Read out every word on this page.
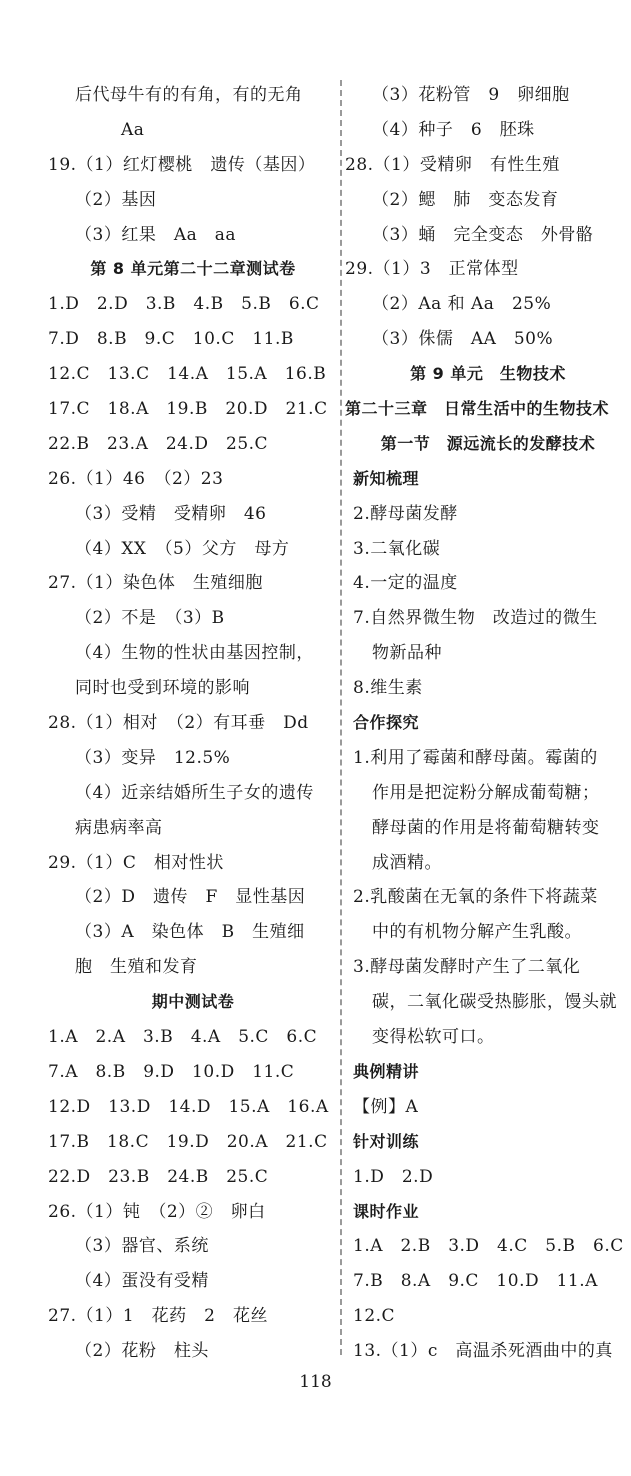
后代母牛有的有角，有的无角
Aa
19.（1）红灯樱桃　遗传（基因）
（2）基因
（3）红果　Aa　aa
第 8 单元第二十二章测试卷
1.D　2.D　3.B　4.B　5.B　6.C
7.D　8.B　9.C　10.C　11.B
12.C　13.C　14.A　15.A　16.B
17.C　18.A　19.B　20.D　21.C
22.B　23.A　24.D　25.C
26.（1）46　（2）23
（3）受精　受精卵　46
（4）XX　（5）父方　母方
27.（1）染色体　生殖细胞
（2）不是　（3）B
（4）生物的性状由基因控制，
同时也受到环境的影响
28.（1）相对　（2）有耳垂　Dd
（3）变异　12.5%
（4）近亲结婚所生子女的遗传
病患病率高
29.（1）C　相对性状
（2）D　遗传　F　显性基因
（3）A　染色体　B　生殖细
胞　生殖和发育
期中测试卷
1.A　2.A　3.B　4.A　5.C　6.C
7.A　8.B　9.D　10.D　11.C
12.D　13.D　14.D　15.A　16.A
17.B　18.C　19.D　20.A　21.C
22.D　23.B　24.B　25.C
26.（1）钝　（2）②　卵白
（3）器官、系统
（4）蛋没有受精
27.（1）1　花药　2　花丝
（2）花粉　柱头
（3）花粉管　9　卵细胞
（4）种子　6　胚珠
28.（1）受精卵　有性生殖
（2）鳃　肺　变态发育
（3）蛹　完全变态　外骨骼
29.（1）3　正常体型
（2）Aa 和 Aa　25%
（3）侏儒　AA　50%
第 9 单元　生物技术
第二十三章　日常生活中的生物技术
第一节　源远流长的发酵技术
新知梳理
2.酵母菌发酵
3.二氧化碳
4.一定的温度
7.自然界微生物　改造过的微生
物新品种
8.维生素
合作探究
1.利用了霉菌和酵母菌。霉菌的
作用是把淀粉分解成葡萄糖；
酵母菌的作用是将葡萄糖转变
成酒精。
2.乳酸菌在无氧的条件下将蔬菜
中的有机物分解产生乳酸。
3.酵母菌发酵时产生了二氧化
碳，二氧化碳受热膨胀，馒头就
变得松软可口。
典例精讲
【例】A
针对训练
1.D　2.D
课时作业
1.A　2.B　3.D　4.C　5.B　6.C
7.B　8.A　9.C　10.D　11.A
12.C
13.（1）c　高温杀死酒曲中的真
118
